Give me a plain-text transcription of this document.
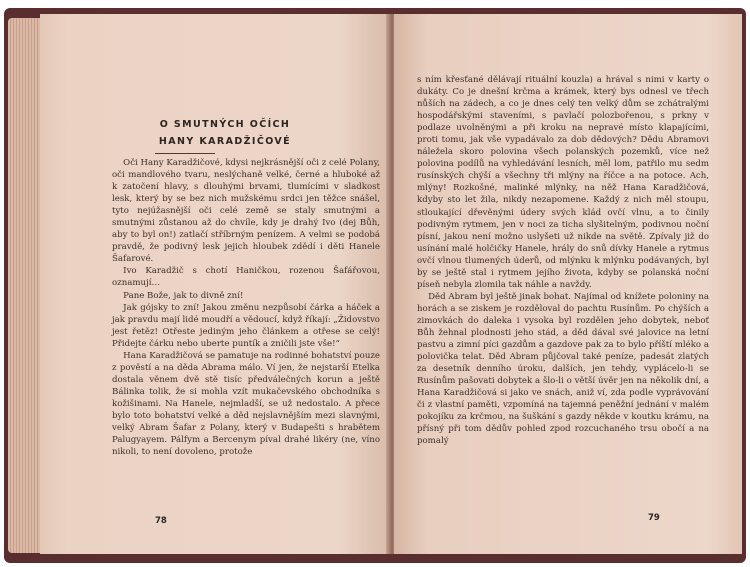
O SMUTNÝCH OČÍCH
HANY KARADŽIČOVÉ

Oči Hany Karadžičové, kdysi nejkrásnější oči z celé Polany, oči mandlového tvaru, neslýchaně velké, černé a hluboké až k zatočení hlavy, s dlouhými brvami, tlumícími v sladkost lesk, který by se bez nich mužskému srdci jen těžce snášel, tyto nejúžasnější oči celé země se staly smutnými a smutnými zůstanou až do chvíle, kdy je drahý Ivo (dej Bůh, aby to byl on!) zatlačí stříbrným penízem. A velmi se podobá pravdě, že podivný lesk jejich hloubek zdědí i děti Hanele Šafarové.

Ivo Karadžič s chotí Haničkou, rozenou Šafářovou, oznamují…

Pane Bože, jak to divně zní!

Jak gójsky to zní! Jakou změnu nezpůsobí čárka a háček a jak pravdu mají lidé moudří a vědoucí, když říkají: „Židovstvo jest řetěz! Otřeste jediným jeho článkem a otřese se celý! Přidejte čárku nebo uberte puntík a zničili jste vše!“

Hana Karadžičová se pamatuje na rodinné bohatství pouze z pověstí a na děda Abrama málo. Ví jen, že nejstarší Etelka dostala věnem dvě stě tisíc předválečných korun a ještě Bálinka tolik, že si mohla vzít mukačevského obchodníka s kožišinami. Na Hanele, nejmladší, se už nedostalo. A přece bylo toto bohatství velké a děd nejslavnějším mezi slavnými, velký Abram Šafar z Polany, který v Budapešti s hrabětem Palugyayem. Pálfym a Bercenym píval drahé likéry (ne, víno nikoli, to není dovoleno, protože

78

s ním křesťané dělávají rituální kouzla) a hrával s nimi v karty o dukáty. Co je dnešní krčma a krámek, který bys odnesl ve třech nůších na zádech, a co je dnes celý ten velký dům se zchátralými hospodářskými staveními, s pavlačí polozbořenou, s prkny v podlaze uvolněnými a při kroku na nepravé místo klapajícími, proti tomu, jak vše vypadávalo za dob dědových? Dědu Abramovi náležela skoro polovina všech polanských pozemků, více než polovina podílů na vyhledávání lesních, měl lom, patřilo mu sedm rusínských chýší a všechny tři mlýny na říčce a na potoce. Ach, mlýny! Rozkošné, malinké mlýnky, na něž Hana Karadžičová, kdyby sto let žila, nikdy nezapomene. Každý z nich měl stoupu, stloukající dřevěnými údery svých klád ovčí vlnu, a to činily podivným rytmem, jen v noci za ticha slyšitelným, podivnou noční písní, jakou není možno uslyšeti už nikde na světě. Zpívaly již do usínání malé holčičky Hanele, hrály do snů dívky Hanele a rytmus ovčí vlnou tlumených úderů, od mlýnku k mlýnku podávaných, byl by se ještě stal i rytmem jejího života, kdyby se polanská noční píseň nebyla zlomila tak náhle a navždy.

Děd Abram byl ještě jinak bohat. Najímal od knížete poloniny na horách a se ziskem je rozděloval do pachtu Rusínům. Po chýších a zimovkách do daleka i vysoka byl rozdělen jeho dobytek, neboť Bůh žehnal plodnosti jeho stád, a děd dával své jalovice na letní pastvu a zimní píci gazdům a gazdove pak za to bylo příští mléko a polovička telat. Děd Abram půjčoval také peníze, padesát zlatých za desetník denního úroku, dalších, jen tehdy, vyplácelo-li se Rusínům pašovati dobytek a šlo-li o větší úvěr jen na několik dní, a Hana Karadžičová si jako ve snách, aniž ví, zda podle vyprávování či z vlastní paměti, vzpomíná na tajemná peněžní jednání v malém pokojíku za krčmou, na šuškání s gazdy někde v koutku krámu, na přísný při tom dědův pohled zpod rozcuchaného trsu obočí a na pomalý

79
